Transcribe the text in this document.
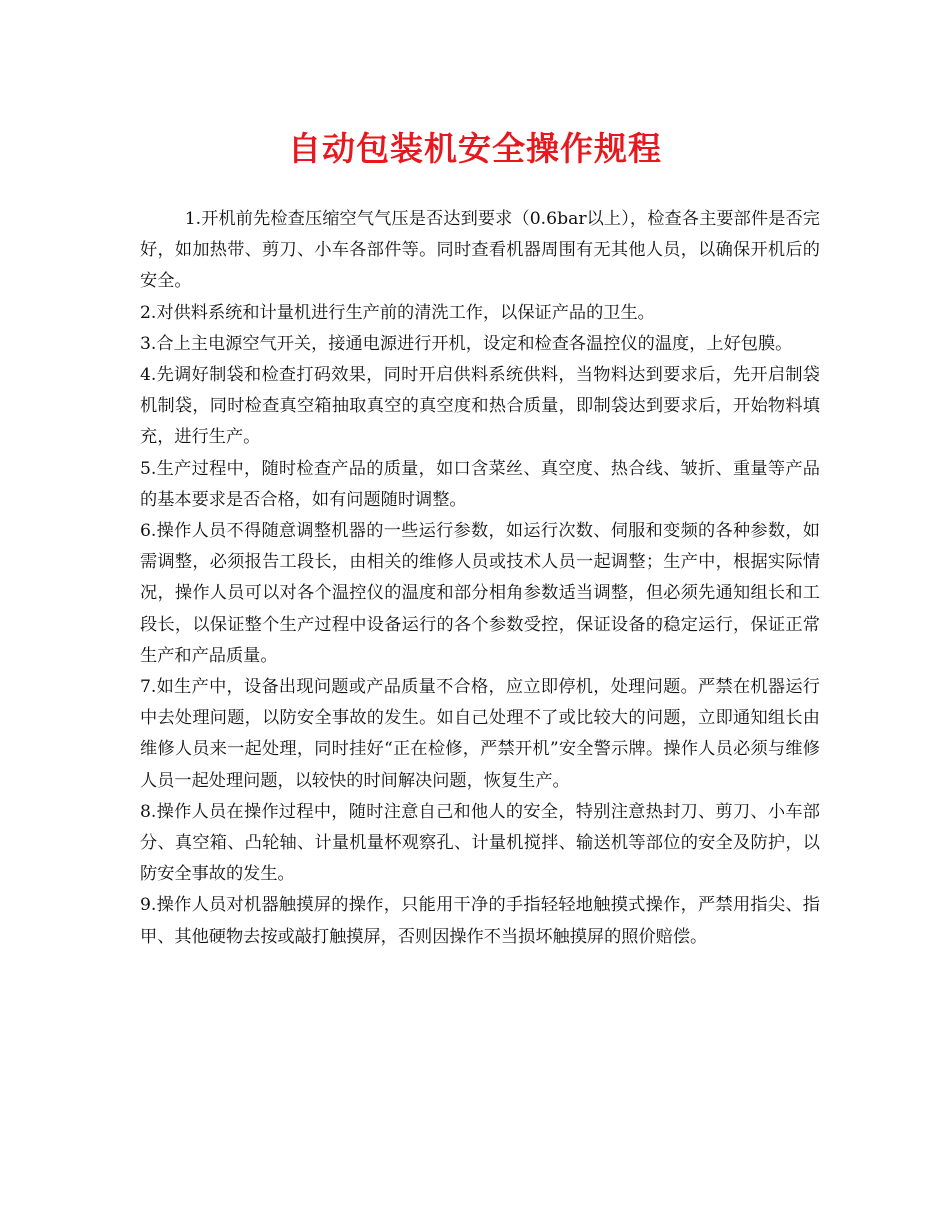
自动包装机安全操作规程

1.开机前先检查压缩空气气压是否达到要求（0.6bar以上），检查各主要部件是否完好，如加热带、剪刀、小车各部件等。同时查看机器周围有无其他人员，以确保开机后的安全。

2.对供料系统和计量机进行生产前的清洗工作，以保证产品的卫生。

3.合上主电源空气开关，接通电源进行开机，设定和检查各温控仪的温度，上好包膜。

4.先调好制袋和检查打码效果，同时开启供料系统供料，当物料达到要求后，先开启制袋机制袋，同时检查真空箱抽取真空的真空度和热合质量，即制袋达到要求后，开始物料填充，进行生产。

5.生产过程中，随时检查产品的质量，如口含菜丝、真空度、热合线、皱折、重量等产品的基本要求是否合格，如有问题随时调整。

6.操作人员不得随意调整机器的一些运行参数，如运行次数、伺服和变频的各种参数，如需调整，必须报告工段长，由相关的维修人员或技术人员一起调整；生产中，根据实际情况，操作人员可以对各个温控仪的温度和部分相角参数适当调整，但必须先通知组长和工段长，以保证整个生产过程中设备运行的各个参数受控，保证设备的稳定运行，保证正常生产和产品质量。

7.如生产中，设备出现问题或产品质量不合格，应立即停机，处理问题。严禁在机器运行中去处理问题，以防安全事故的发生。如自己处理不了或比较大的问题，立即通知组长由维修人员来一起处理，同时挂好“正在检修，严禁开机”安全警示牌。操作人员必须与维修人员一起处理问题，以较快的时间解决问题，恢复生产。

8.操作人员在操作过程中，随时注意自己和他人的安全，特别注意热封刀、剪刀、小车部分、真空箱、凸轮轴、计量机量杯观察孔、计量机搅拌、输送机等部位的安全及防护，以防安全事故的发生。

9.操作人员对机器触摸屏的操作，只能用干净的手指轻轻地触摸式操作，严禁用指尖、指甲、其他硬物去按或敲打触摸屏，否则因操作不当损坏触摸屏的照价赔偿。
